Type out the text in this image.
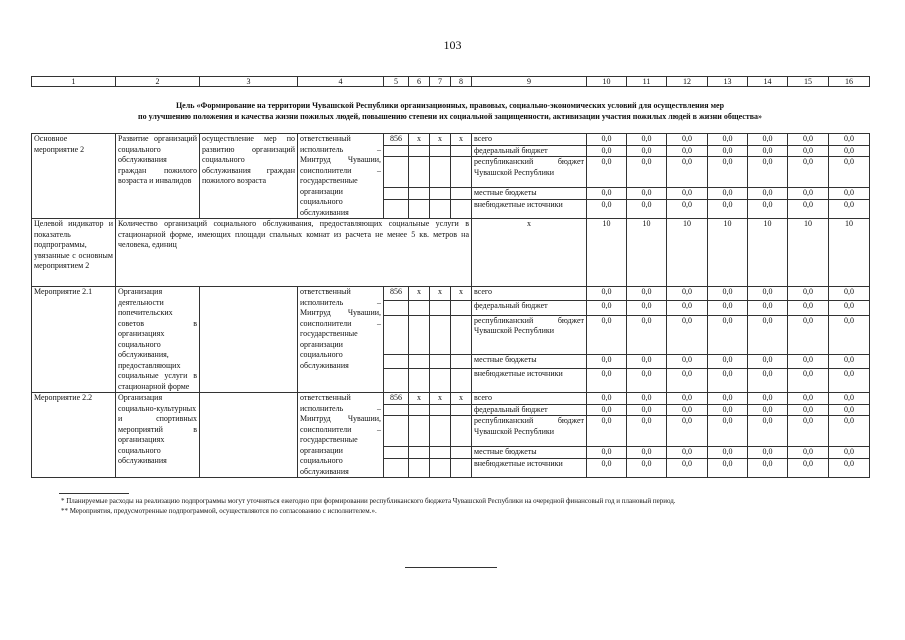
103
1	2	3	4	5	6	7	8	9	10	11	12	13	14	15	16
Цель «Формирование на территории Чувашской Республики организационных, правовых, социально-экономических условий для осуществления мер
по улучшению положения и качества жизни пожилых людей, повышению степени их социальной защищенности, активизации участия пожилых людей в жизни общества»
Основное мероприятие 2	Развитие организаций социального обслуживания граждан пожилого возраста и инвалидов	осуществление мер по развитию организаций социального обслуживания граждан пожилого возраста	ответственный исполнитель – Минтруд Чувашии, соисполнители – государственные организации социального обслуживания	856	x	x	x	всего	0,0	0,0	0,0	0,0	0,0	0,0	0,0
								федеральный бюджет	0,0	0,0	0,0	0,0	0,0	0,0	0,0
								республиканский бюджет Чувашской Республики	0,0	0,0	0,0	0,0	0,0	0,0	0,0
								местные бюджеты	0,0	0,0	0,0	0,0	0,0	0,0	0,0
								внебюджетные источники	0,0	0,0	0,0	0,0	0,0	0,0	0,0
Целевой индикатор и показатель подпрограммы, увязанные с основным мероприятием 2	Количество организаций социального обслуживания, предоставляющих социальные услуги в стационарной форме, имеющих площади спальных комнат из расчета не менее 5 кв. метров на человека, единиц							x	10	10	10	10	10	10	10
Мероприятие 2.1	Организация деятельности попечительских советов в организациях социального обслуживания, предоставляющих социальные услуги в стационарной форме		ответственный исполнитель – Минтруд Чувашии, соисполнители – государственные организации социального обслуживания	856	x	x	x	всего	0,0	0,0	0,0	0,0	0,0	0,0	0,0
								федеральный бюджет	0,0	0,0	0,0	0,0	0,0	0,0	0,0
								республиканский бюджет Чувашской Республики	0,0	0,0	0,0	0,0	0,0	0,0	0,0
								местные бюджеты	0,0	0,0	0,0	0,0	0,0	0,0	0,0
								внебюджетные источники	0,0	0,0	0,0	0,0	0,0	0,0	0,0
Мероприятие 2.2	Организация социально-культурных и спортивных мероприятий в организациях социального обслуживания		ответственный исполнитель – Минтруд Чувашии, соисполнители – государственные организации социального обслуживания	856	x	x	x	всего	0,0	0,0	0,0	0,0	0,0	0,0	0,0
								федеральный бюджет	0,0	0,0	0,0	0,0	0,0	0,0	0,0
								республиканский бюджет Чувашской Республики	0,0	0,0	0,0	0,0	0,0	0,0	0,0
								местные бюджеты	0,0	0,0	0,0	0,0	0,0	0,0	0,0
								внебюджетные источники	0,0	0,0	0,0	0,0	0,0	0,0	0,0
* Планируемые расходы на реализацию подпрограммы могут уточняться ежегодно при формировании республиканского бюджета Чувашской Республики на очередной финансовый год и плановый период.
** Мероприятия, предусмотренные подпрограммой, осуществляются по согласованию с исполнителем.».
